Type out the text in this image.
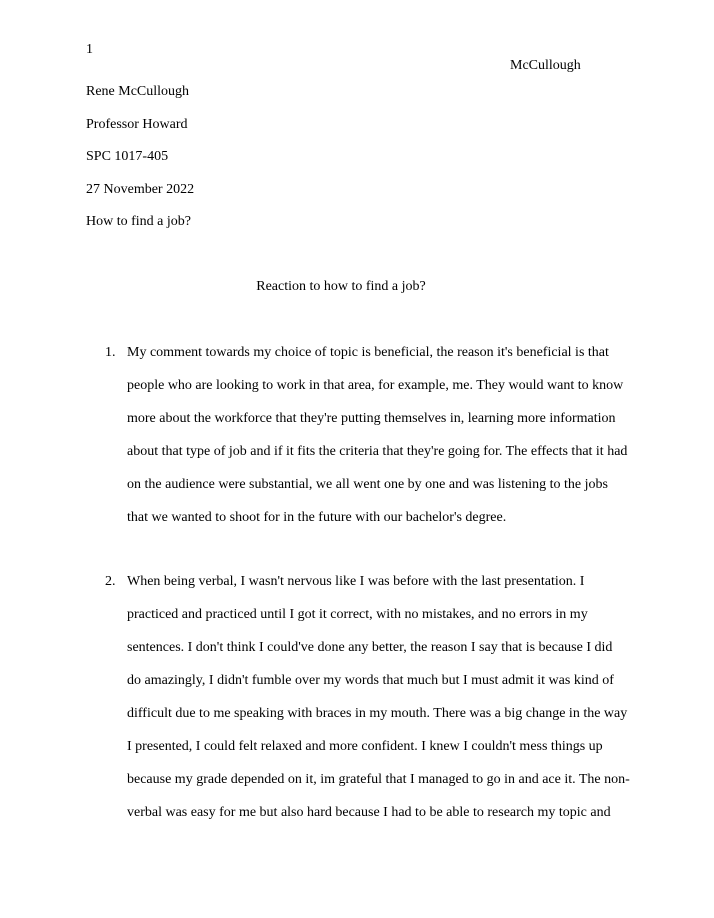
1
McCullough
Rene McCullough
Professor Howard
SPC 1017-405
27 November 2022
How to find a job?
Reaction to how to find a job?
1. My comment towards my choice of topic is beneficial, the reason it's beneficial is that
people who are looking to work in that area, for example, me. They would want to know
more about the workforce that they're putting themselves in, learning more information
about that type of job and if it fits the criteria that they're going for. The effects that it had
on the audience were substantial, we all went one by one and was listening to the jobs
that we wanted to shoot for in the future with our bachelor's degree.
2. When being verbal, I wasn't nervous like I was before with the last presentation. I
practiced and practiced until I got it correct, with no mistakes, and no errors in my
sentences. I don't think I could've done any better, the reason I say that is because I did
do amazingly, I didn't fumble over my words that much but I must admit it was kind of
difficult due to me speaking with braces in my mouth. There was a big change in the way
I presented, I could felt relaxed and more confident. I knew I couldn't mess things up
because my grade depended on it, im grateful that I managed to go in and ace it. The non-
verbal was easy for me but also hard because I had to be able to research my topic and
